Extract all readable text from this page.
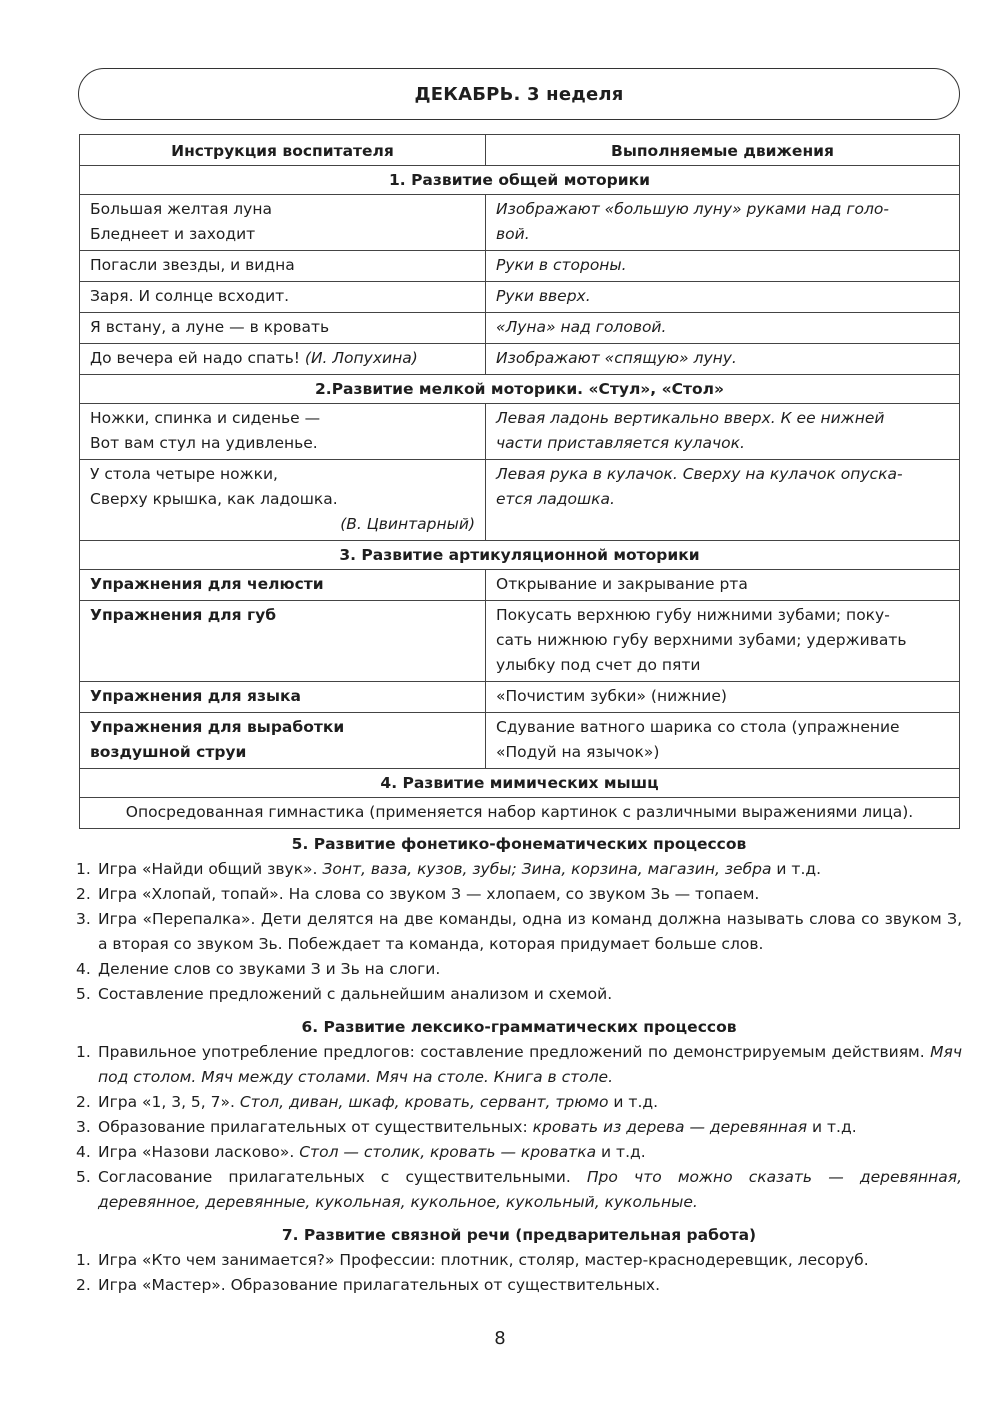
ДЕКАБРЬ. 3 неделя
Инструкция воспитателя	Выполняемые движения
1. Развитие общей моторики	

Большая желтая луна
Бледнеет и заходит	Изображают «большую луну» руками над голо-
вой.

Погасли звезды, и видна	Руки в стороны.
Заря. И солнце всходит.	Руки вверх.
Я встану, а луне — в кровать	«Луна» над головой.
До вечера ей надо спать! (И. Лопухина)	Изображают «спящую» луну.
2.Развитие мелкой моторики. «Стул», «Стол»	

Ножки, спинка и сиденье —
Вот вам стул на удивленье.	Левая ладонь вертикально вверх. К ее нижней
части приставляется кулачок.

У стола четыре ножки,
Сверху крышка, как ладошка.
(В. Цвинтарный)	Левая рука в кулачок. Сверху на кулачок опуска-
ется ладошка.

3. Развитие артикуляционной моторики	
Упражнения для челюсти	Открывание и закрывание рта
Упражнения для губ	Покусать верхнюю губу нижними зубами; поку-
сать нижнюю губу верхними зубами; удерживать
улыбку под счет до пяти

Упражнения для языка	«Почистим зубки» (нижние)

Упражнения для выработки
воздушной струи	Сдувание ватного шарика со стола (упражнение
«Подуй на язычок»)

4. Развитие мимических мышц	
Опосредованная гимнастика (применяется набор картинок с различными выражениями лица).	
5. Развитие фонетико-фонематических процессов
1. Игра «Найди общий звук». Зонт, ваза, кузов, зубы; Зина, корзина, магазин, зебра и т.д.
2. Игра «Хлопай, топай». На слова со звуком З — хлопаем, со звуком Зь — топаем.
3. Игра «Перепалка». Дети делятся на две команды, одна из команд должна называть слова со звуком З, а вторая со звуком Зь. Побеждает та команда, которая придумает больше слов.
4. Деление слов со звуками З и Зь на слоги.
5. Составление предложений с дальнейшим анализом и схемой.
6. Развитие лексико-грамматических процессов
1. Правильное употребление предлогов: составление предложений по демонстрируемым действиям. Мяч под столом. Мяч между столами. Мяч на столе. Книга в столе.
2. Игра «1, 3, 5, 7». Стол, диван, шкаф, кровать, сервант, трюмо и т.д.
3. Образование прилагательных от существительных: кровать из дерева — деревянная и т.д.
4. Игра «Назови ласково». Стол — столик, кровать — кроватка и т.д.
5. Согласование прилагательных с существительными. Про что можно сказать — деревянная, деревянное, деревянные, кукольная, кукольное, кукольный, кукольные.
7. Развитие связной речи (предварительная работа)
1. Игра «Кто чем занимается?» Профессии: плотник, столяр, мастер-краснодеревщик, лесоруб.
2. Игра «Мастер». Образование прилагательных от существительных.
8
